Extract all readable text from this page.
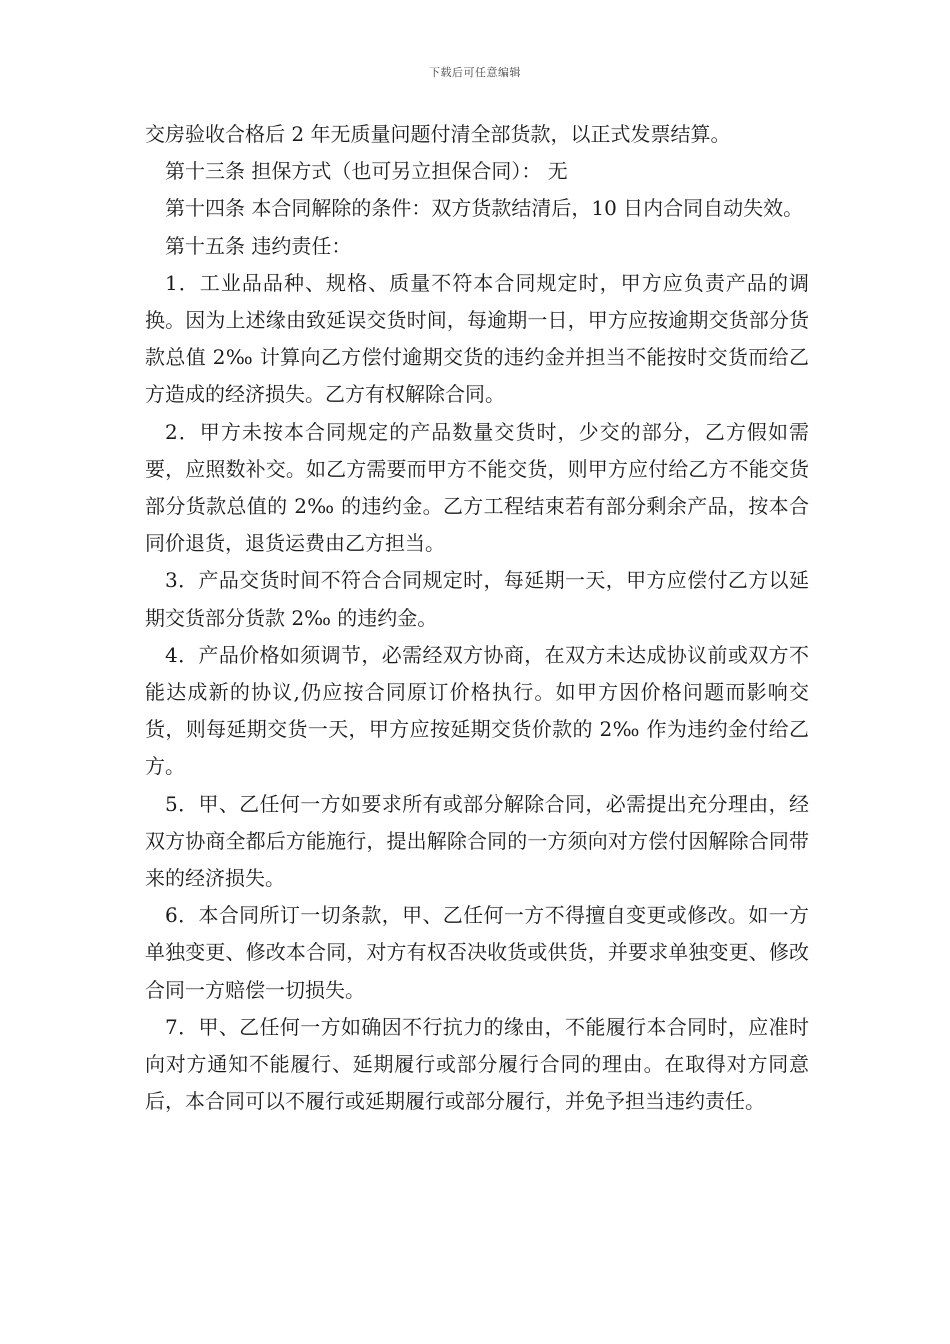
下载后可任意编辑

交房验收合格后 2 年无质量问题付清全部货款，以正式发票结算。

第十三条 担保方式（也可另立担保合同）： 无

第十四条 本合同解除的条件：双方货款结清后，10 日内合同自动失效。

第十五条 违约责任：

1．工业品品种、规格、质量不符本合同规定时，甲方应负责产品的调换。因为上述缘由致延误交货时间，每逾期一日，甲方应按逾期交货部分货款总值 2‰ 计算向乙方偿付逾期交货的违约金并担当不能按时交货而给乙方造成的经济损失。乙方有权解除合同。

2．甲方未按本合同规定的产品数量交货时，少交的部分，乙方假如需要，应照数补交。如乙方需要而甲方不能交货，则甲方应付给乙方不能交货部分货款总值的 2‰ 的违约金。乙方工程结束若有部分剩余产品，按本合同价退货，退货运费由乙方担当。

3．产品交货时间不符合合同规定时，每延期一天，甲方应偿付乙方以延期交货部分货款 2‰ 的违约金。

4．产品价格如须调节，必需经双方协商，在双方未达成协议前或双方不能达成新的协议,仍应按合同原订价格执行。如甲方因价格问题而影响交货，则每延期交货一天，甲方应按延期交货价款的 2‰ 作为违约金付给乙方。

5．甲、乙任何一方如要求所有或部分解除合同，必需提出充分理由，经双方协商全都后方能施行，提出解除合同的一方须向对方偿付因解除合同带来的经济损失。

6．本合同所订一切条款，甲、乙任何一方不得擅自变更或修改。如一方单独变更、修改本合同，对方有权否决收货或供货，并要求单独变更、修改合同一方赔偿一切损失。

7．甲、乙任何一方如确因不行抗力的缘由，不能履行本合同时，应准时向对方通知不能履行、延期履行或部分履行合同的理由。在取得对方同意后，本合同可以不履行或延期履行或部分履行，并免予担当违约责任。
